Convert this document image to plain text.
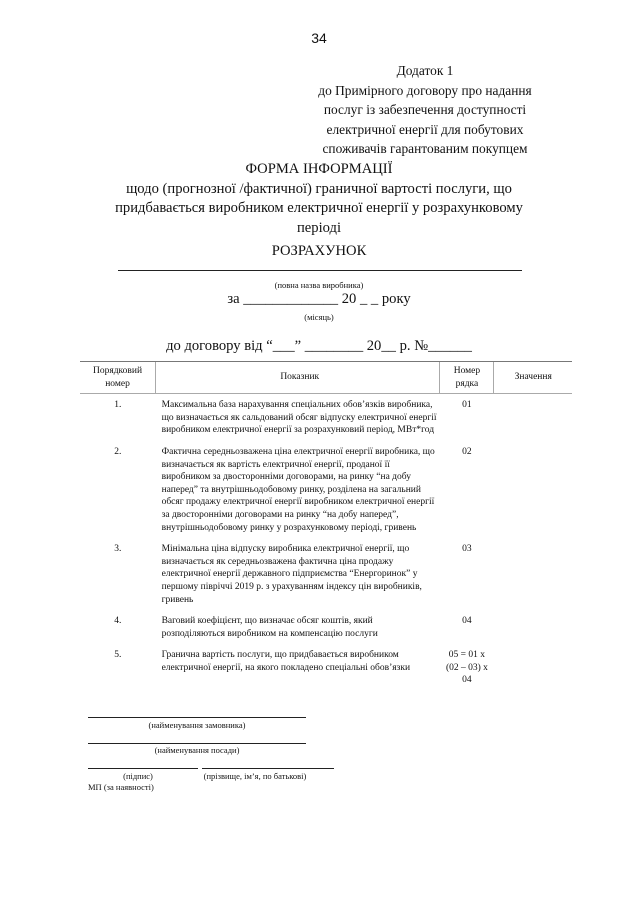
34
Додаток 1
до Примірного договору про надання
послуг із забезпечення доступності
електричної енергії для побутових
споживачів гарантованим покупцем
ФОРМА ІНФОРМАЦІЇ
щодо (прогнозної /фактичної) граничної вартості послуги, що
придбавається виробником електричної енергії у розрахунковому
періоді
РОЗРАХУНОК
(повна назва виробника)
за _____________ 20 _ _ року
(місяць)
до договору від “___” ________ 20__ р. №______
Порядковий номер	Показник	Номер рядка	Значення
1.	Максимальна база нарахування спеціальних обов’язків виробника, що визначається як сальдований обсяг відпуску електричної енергії виробником електричної енергії за розрахунковий період, МВт*год	01	
2.	Фактична середньозважена ціна електричної енергії виробника, що визначається як вартість електричної енергії, проданої її виробником за двосторонніми договорами, на ринку “на добу наперед” та внутрішньодобовому ринку, розділена на загальний обсяг продажу електричної енергії виробником електричної енергії за двосторонніми договорами на ринку “на добу наперед”, внутрішньодобовому ринку у розрахунковому періоді, гривень	02	
3.	Мінімальна ціна відпуску виробника електричної енергії, що визначається як середньозважена фактична ціна продажу електричної енергії державного підприємства “Енергоринок” у першому півріччі 2019 р. з урахуванням індексу цін виробників, гривень	03	
4.	Ваговий коефіцієнт, що визначає обсяг коштів, який розподіляються виробником на компенсацію послуги	04	
5.	Гранична вартість послуги, що придбавається виробником електричної енергії, на якого покладено спеціальні обов’язки	05 = 01 x (02 – 03) x 04	
(найменування замовника)
(найменування посади)
(підпис)	(прізвище, ім’я, по батькові)
МП (за наявності)
